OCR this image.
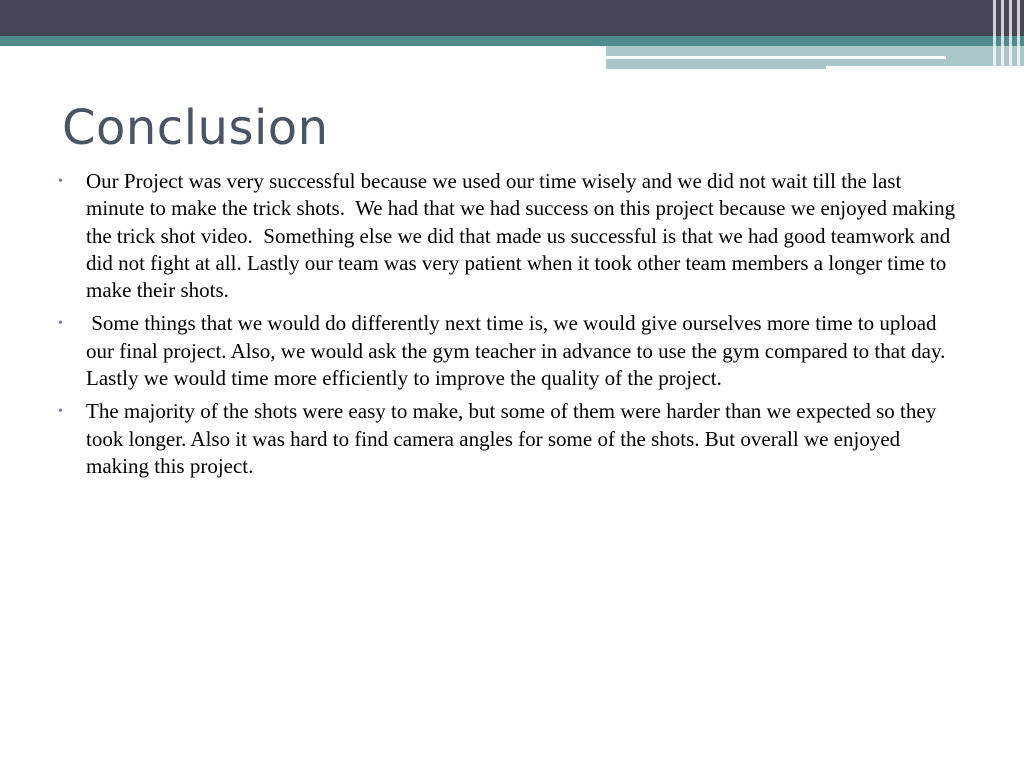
Conclusion
• Our Project was very successful because we used our time wisely and we did not wait till the last minute to make the trick shots.  We had that we had success on this project because we enjoyed making the trick shot video.  Something else we did that made us successful is that we had good teamwork and did not fight at all. Lastly our team was very patient when it took other team members a longer time to make their shots.
• Some things that we would do differently next time is, we would give ourselves more time to upload our final project. Also, we would ask the gym teacher in advance to use the gym compared to that day. Lastly we would time more efficiently to improve the quality of the project.
• The majority of the shots were easy to make, but some of them were harder than we expected so they took longer. Also it was hard to find camera angles for some of the shots. But overall we enjoyed making this project.
